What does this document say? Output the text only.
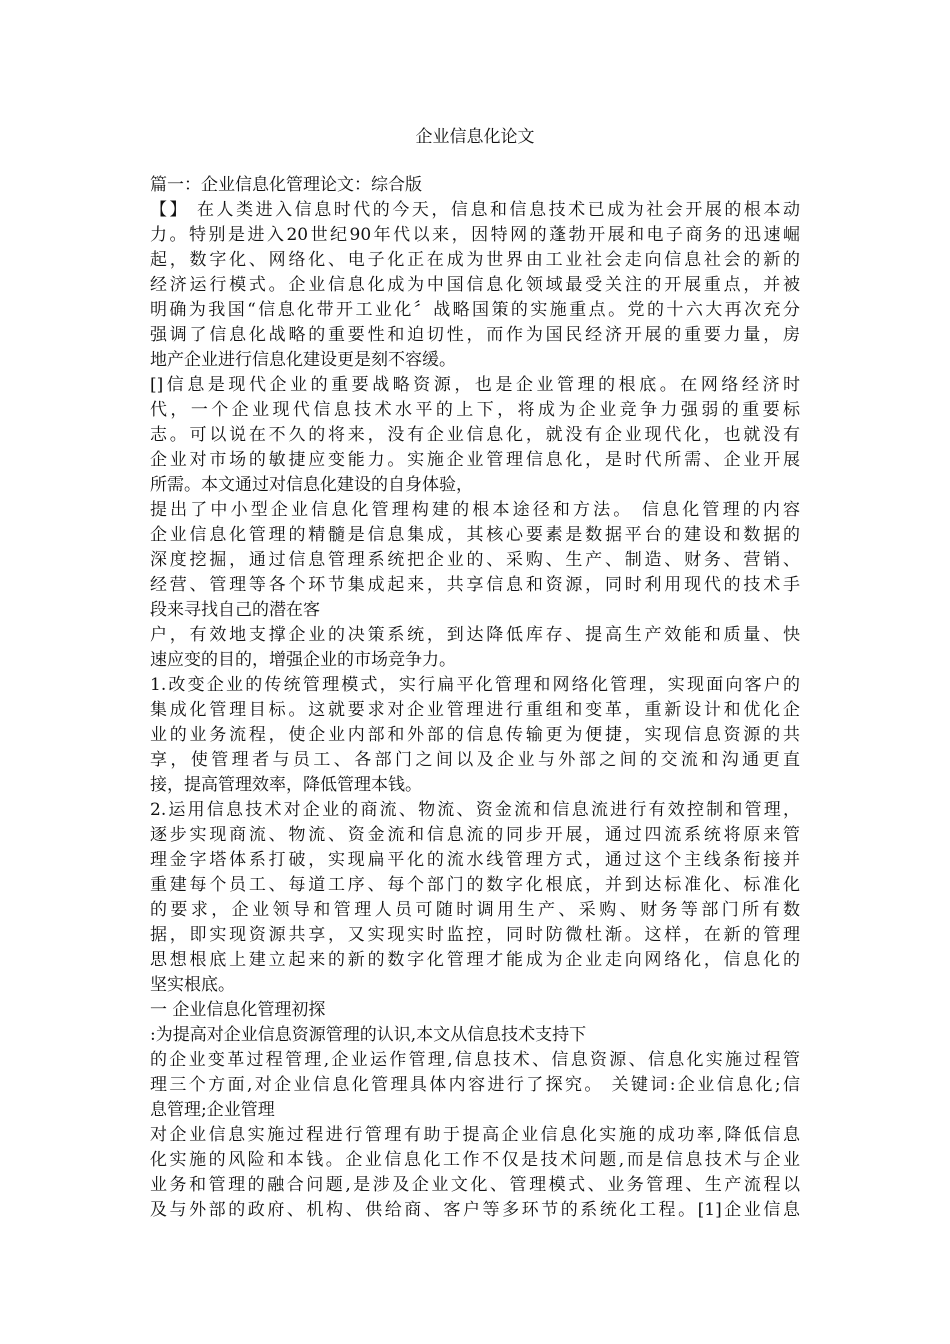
企业信息化论文
篇一：企业信息化管理论文：综合版
【】 在人类进入信息时代的今天，信息和信息技术已成为社会开展的根本动
力。特别是进入20世纪90年代以来，因特网的蓬勃开展和电子商务的迅速崛
起，数字化、网络化、电子化正在成为世界由工业社会走向信息社会的新的
经济运行模式。企业信息化成为中国信息化领域最受关注的开展重点，并被
明确为我国“信息化带开工业化〞战略国策的实施重点。党的十六大再次充分
强调了信息化战略的重要性和迫切性，而作为国民经济开展的重要力量，房
地产企业进行信息化建设更是刻不容缓。
[]信息是现代企业的重要战略资源，也是企业管理的根底。在网络经济时
代，一个企业现代信息技术水平的上下，将成为企业竞争力强弱的重要标
志。可以说在不久的将来，没有企业信息化，就没有企业现代化，也就没有
企业对市场的敏捷应变能力。实施企业管理信息化，是时代所需、企业开展
所需。本文通过对信息化建设的自身体验，
提出了中小型企业信息化管理构建的根本途径和方法。 信息化管理的内容
企业信息化管理的精髓是信息集成，其核心要素是数据平台的建设和数据的
深度挖掘，通过信息管理系统把企业的、采购、生产、制造、财务、营销、
经营、管理等各个环节集成起来，共享信息和资源，同时利用现代的技术手
段来寻找自己的潜在客
户，有效地支撑企业的决策系统，到达降低库存、提高生产效能和质量、快
速应变的目的，增强企业的市场竞争力。
1.改变企业的传统管理模式，实行扁平化管理和网络化管理，实现面向客户的
集成化管理目标。这就要求对企业管理进行重组和变革，重新设计和优化企
业的业务流程，使企业内部和外部的信息传输更为便捷，实现信息资源的共
享，使管理者与员工、各部门之间以及企业与外部之间的交流和沟通更直
接，提高管理效率，降低管理本钱。
2.运用信息技术对企业的商流、物流、资金流和信息流进行有效控制和管理，
逐步实现商流、物流、资金流和信息流的同步开展，通过四流系统将原来管
理金字塔体系打破，实现扁平化的流水线管理方式，通过这个主线条衔接并
重建每个员工、每道工序、每个部门的数字化根底，并到达标准化、标准化
的要求，企业领导和管理人员可随时调用生产、采购、财务等部门所有数
据，即实现资源共享，又实现实时监控，同时防微杜渐。这样，在新的管理
思想根底上建立起来的新的数字化管理才能成为企业走向网络化，信息化的
坚实根底。
一 企业信息化管理初探
:为提高对企业信息资源管理的认识,本文从信息技术支持下
的企业变革过程管理,企业运作管理,信息技术、信息资源、信息化实施过程管
理三个方面,对企业信息化管理具体内容进行了探究。 关键词:企业信息化;信
息管理;企业管理
对企业信息实施过程进行管理有助于提高企业信息化实施的成功率,降低信息
化实施的风险和本钱。企业信息化工作不仅是技术问题,而是信息技术与企业
业务和管理的融合问题,是涉及企业文化、管理模式、业务管理、生产流程以
及与外部的政府、机构、供给商、客户等多环节的系统化工程。[1]企业信息
